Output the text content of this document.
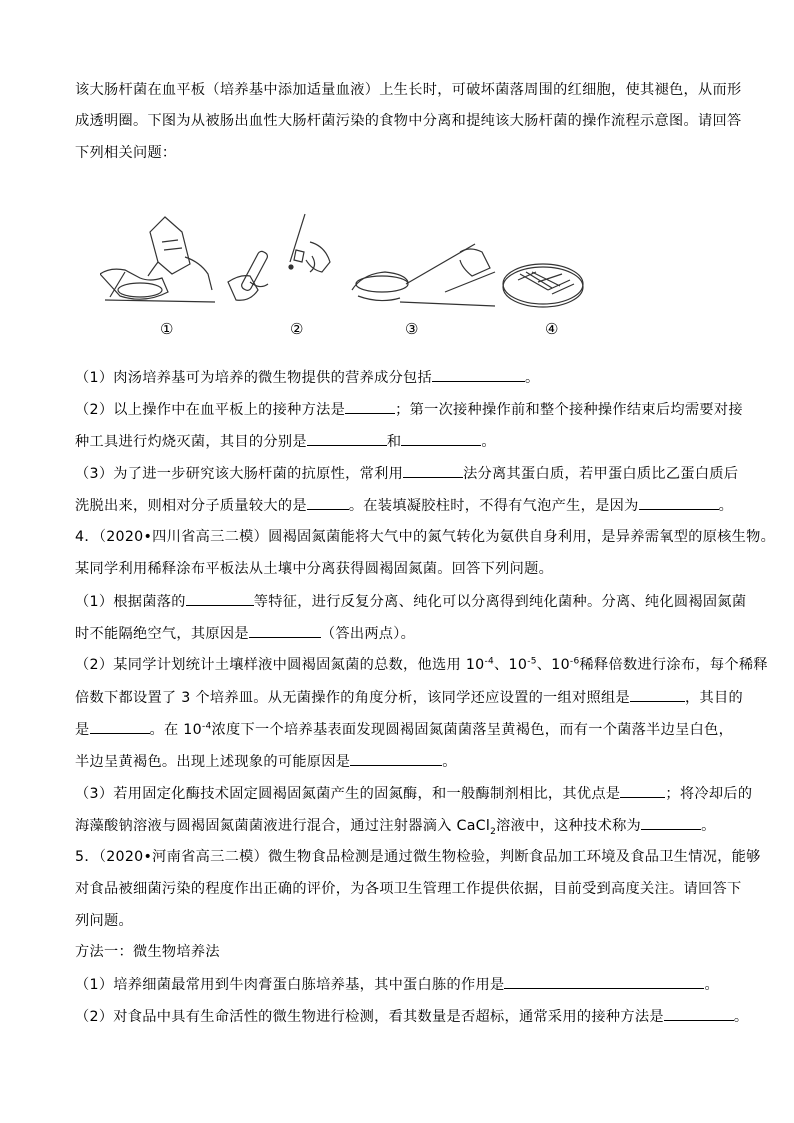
该大肠杆菌在血平板（培养基中添加适量血液）上生长时，可破坏菌落周围的红细胞，使其褪色，从而形
成透明圈。下图为从被肠出血性大肠杆菌污染的食物中分离和提纯该大肠杆菌的操作流程示意图。请回答
下列相关问题：
①	②	③	④
（1）肉汤培养基可为培养的微生物提供的营养成分包括	。
（2）以上操作中在血平板上的接种方法是	；第一次接种操作前和整个接种操作结束后均需要对接
种工具进行灼烧灭菌，其目的分别是	和	。
（3）为了进一步研究该大肠杆菌的抗原性，常利用	法分离其蛋白质，若甲蛋白质比乙蛋白质后
洗脱出来，则相对分子质量较大的是	。在装填凝胶柱时，不得有气泡产生，是因为	。
4．（2020•四川省高三二模）圆褐固氮菌能将大气中的氮气转化为氨供自身利用，是异养需氧型的原核生物。
某同学利用稀释涂布平板法从土壤中分离获得圆褐固氮菌。回答下列问题。
（1）根据菌落的	等特征，进行反复分离、纯化可以分离得到纯化菌种。分离、纯化圆褐固氮菌
时不能隔绝空气，其原因是	（答出两点）。
（2）某同学计划统计土壤样液中圆褐固氮菌的总数，他选用 $10^{-4}$、$10^{-5}$、$10^{-6}$稀释倍数进行涂布，每个稀释
倍数下都设置了 3 个培养皿。从无菌操作的角度分析，该同学还应设置的一组对照组是	，其目的
是	。在 $10^{-4}$浓度下一个培养基表面发现圆褐固氮菌菌落呈黄褐色，而有一个菌落半边呈白色，
半边呈黄褐色。出现上述现象的可能原因是	。
（3）若用固定化酶技术固定圆褐固氮菌产生的固氮酶，和一般酶制剂相比，其优点是	；将冷却后的
海藻酸钠溶液与圆褐固氮菌菌液进行混合，通过注射器滴入 CaCl$_2$溶液中，这种技术称为	。
5．（2020•河南省高三二模）微生物食品检测是通过微生物检验，判断食品加工环境及食品卫生情况，能够
对食品被细菌污染的程度作出正确的评价，为各项卫生管理工作提供依据，目前受到高度关注。请回答下
列问题。
方法一：微生物培养法
（1）培养细菌最常用到牛肉膏蛋白胨培养基，其中蛋白胨的作用是	。
（2）对食品中具有生命活性的微生物进行检测，看其数量是否超标，通常采用的接种方法是	。
